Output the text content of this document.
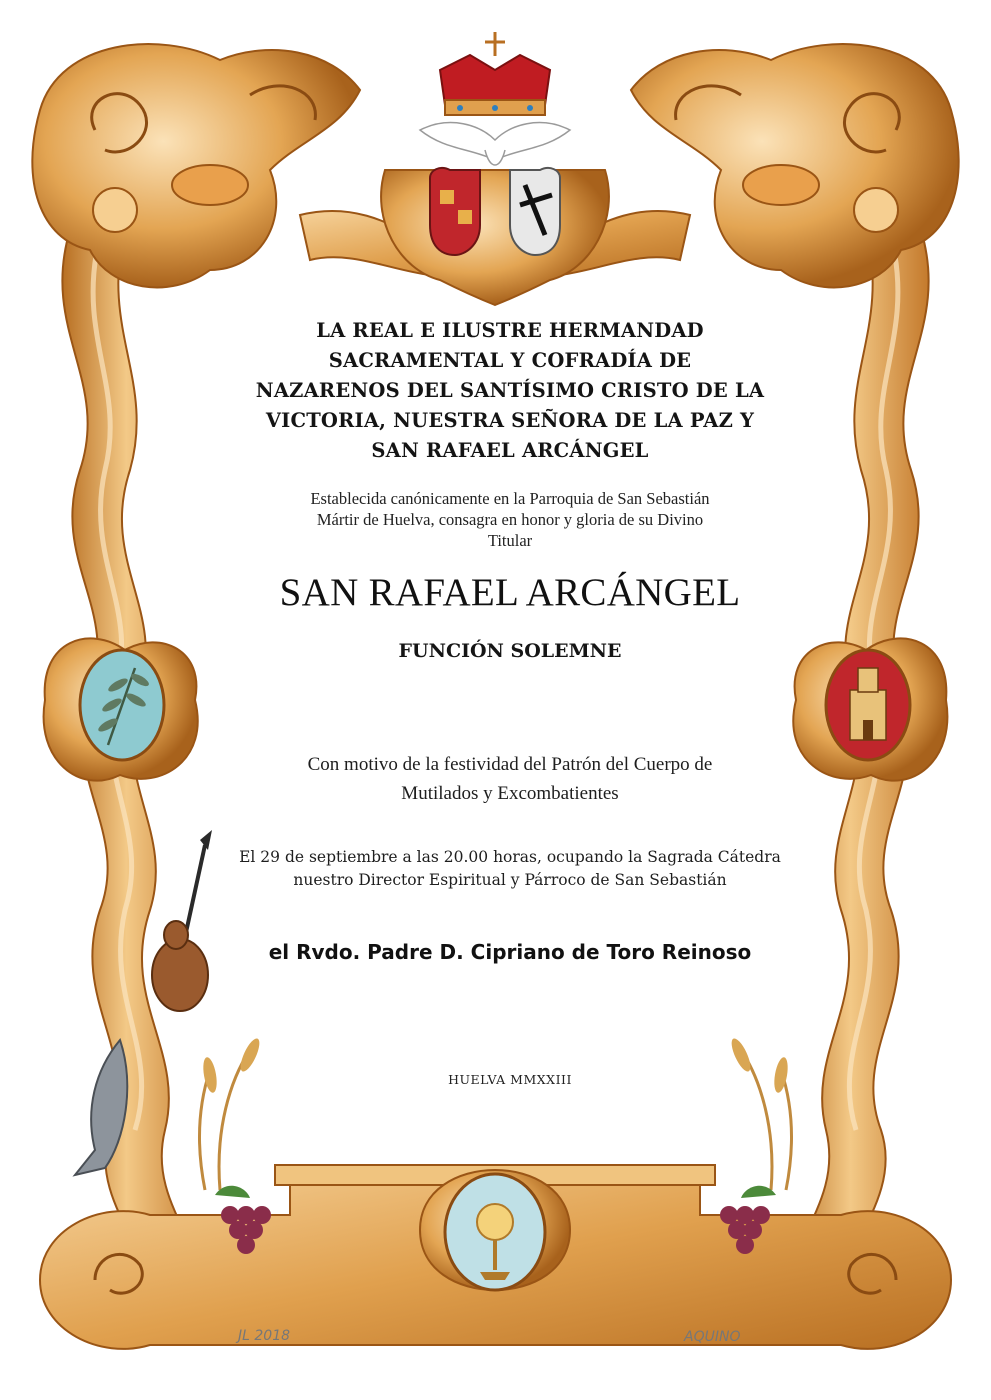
LA REAL E ILUSTRE HERMANDAD
SACRAMENTAL Y COFRADÍA DE
NAZARENOS DEL SANTÍSIMO CRISTO DE LA
VICTORIA, NUESTRA SEÑORA DE LA PAZ Y
SAN RAFAEL ARCÁNGEL
Establecida canónicamente en la Parroquia de San Sebastián
Mártir de Huelva, consagra en honor y gloria de su Divino
Titular
SAN RAFAEL ARCÁNGEL
FUNCIÓN SOLEMNE
Con motivo de la festividad del Patrón del Cuerpo de
Mutilados y Excombatientes
El 29 de septiembre a las 20.00 horas, ocupando la Sagrada Cátedra
nuestro Director Espiritual y Párroco de San Sebastián
el Rvdo. Padre D. Cipriano de Toro Reinoso
HUELVA MMXXIII
JL 2018	AQUINO
